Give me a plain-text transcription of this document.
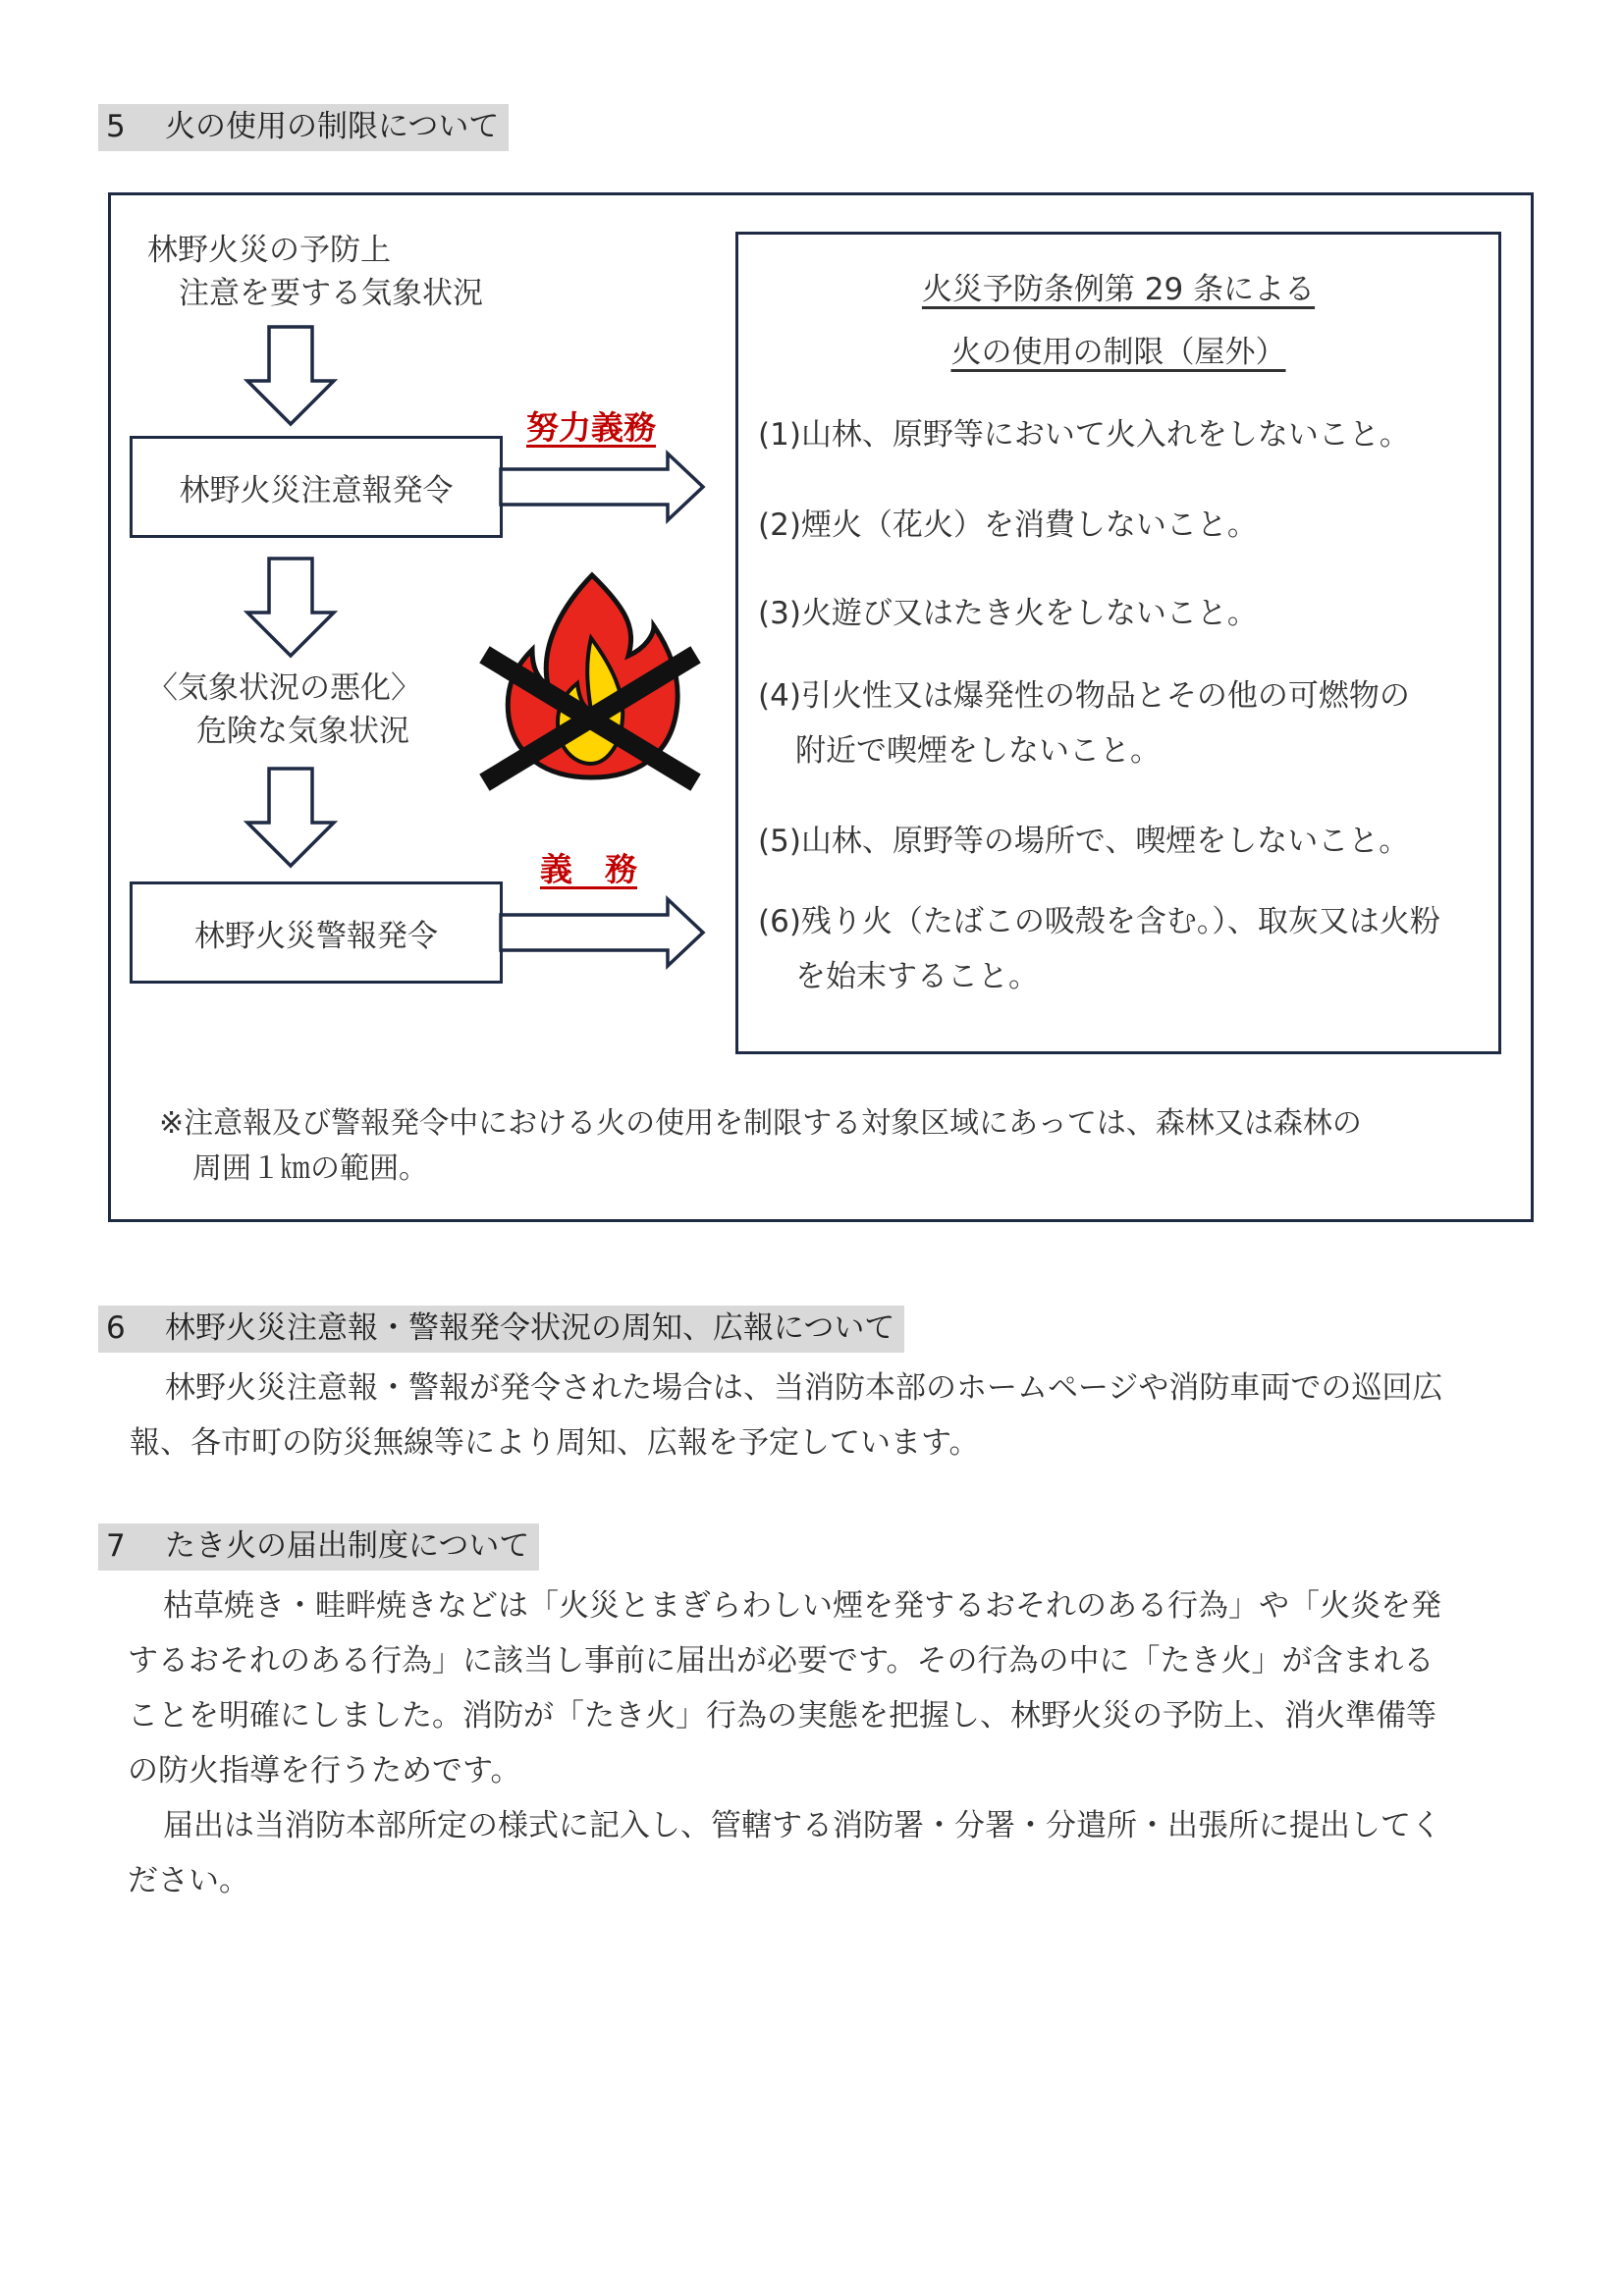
5 火の使用の制限について
林野火災の予防上
注意を要する気象状況
林野火災注意報発令
努力義務
〈気象状況の悪化〉
危険な気象状況
林野火災警報発令
義　務
火災予防条例第 29 条による
火の使用の制限（屋外）
(1)山林、原野等において火入れをしないこと。
(2)煙火（花火）を消費しないこと。
(3)火遊び又はたき火をしないこと。
(4)引火性又は爆発性の物品とその他の可燃物の
附近で喫煙をしないこと。
(5)山林、原野等の場所で、喫煙をしないこと。
(6)残り火（たばこの吸殻を含む。）、取灰又は火粉
を始末すること。
※注意報及び警報発令中における火の使用を制限する対象区域にあっては、森林又は森林の
周囲１㎞の範囲。
6 林野火災注意報・警報発令状況の周知、広報について
林野火災注意報・警報が発令された場合は、当消防本部のホームページや消防車両での巡回広
報、各市町の防災無線等により周知、広報を予定しています。
7 たき火の届出制度について
枯草焼き・畦畔焼きなどは「火災とまぎらわしい煙を発するおそれのある行為」や「火炎を発
するおそれのある行為」に該当し事前に届出が必要です。その行為の中に「たき火」が含まれる
ことを明確にしました。消防が「たき火」行為の実態を把握し、林野火災の予防上、消火準備等
の防火指導を行うためです。
届出は当消防本部所定の様式に記入し、管轄する消防署・分署・分遣所・出張所に提出してく
ださい。
